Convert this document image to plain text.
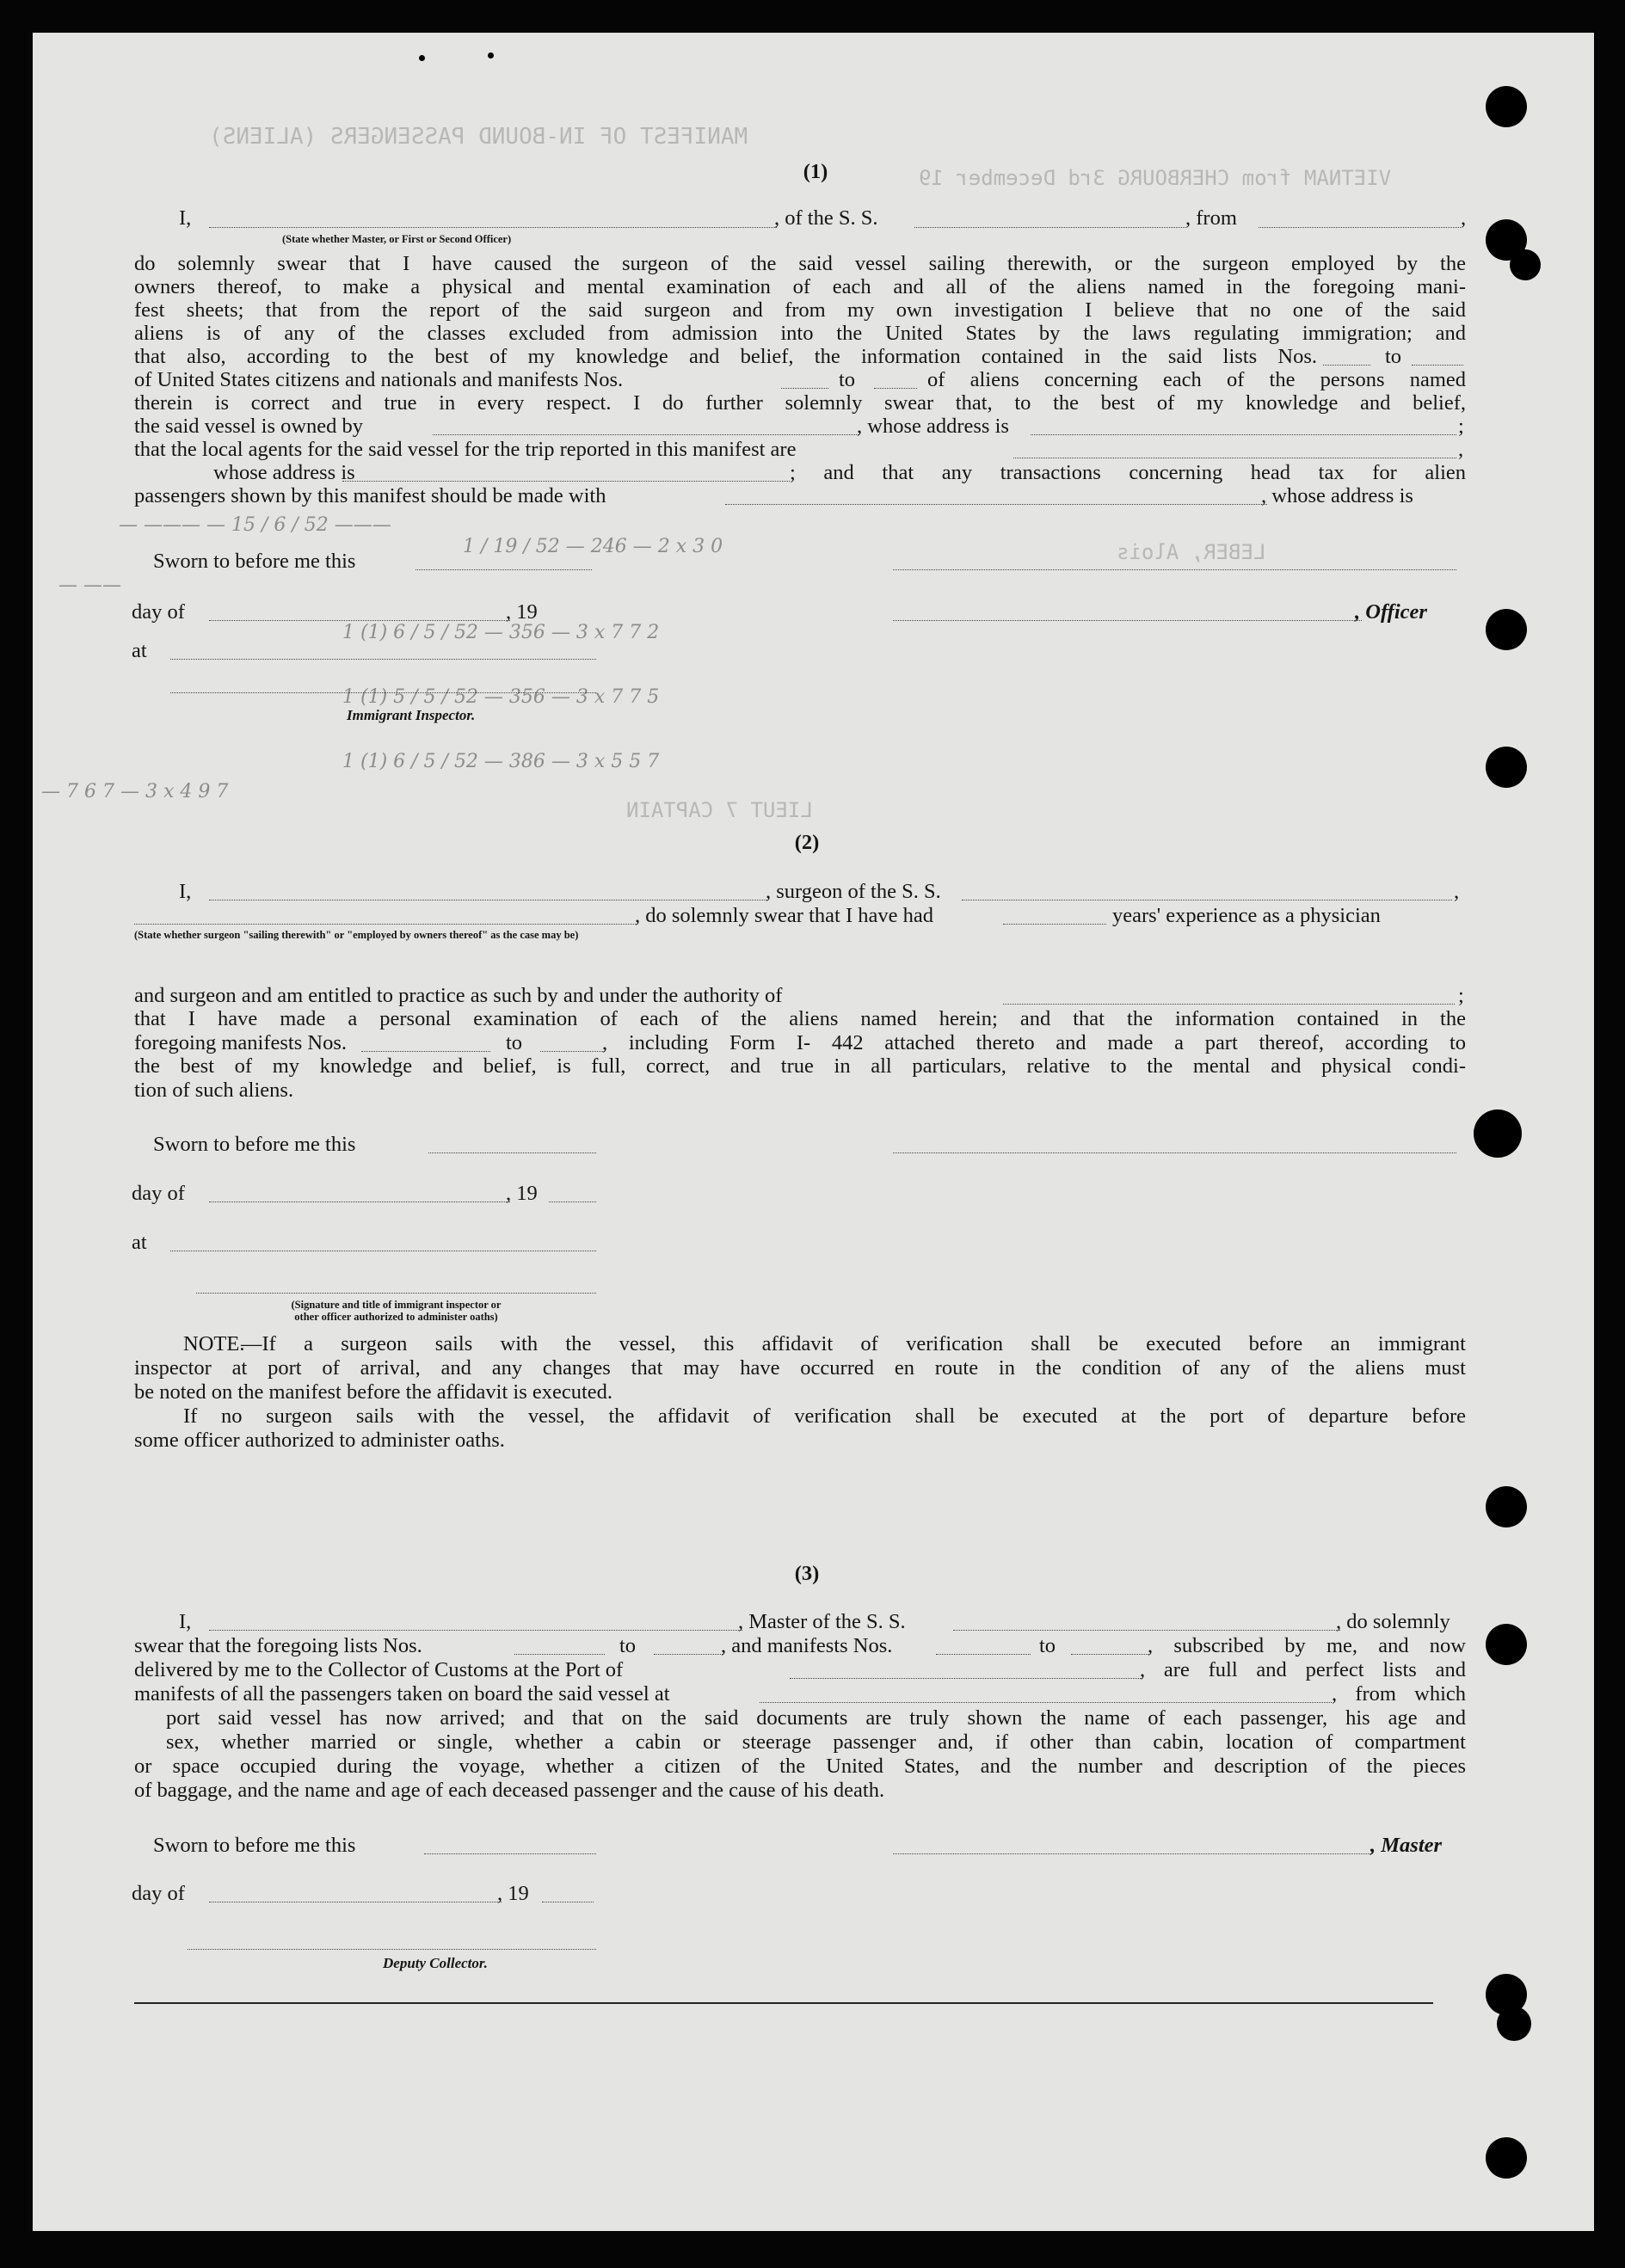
MANIFEST OF IN-BOUND PASSENGERS (ALIENS)
VIETNAM from CHERBOURG 3rd December 19
LEBER, Alois
LIEUT 7 CAPTAIN
— ——— — 15 / 6 / 52 ———
1 / 19 / 52 — 246 — 2 x 3 0
— ——
1 (1) 6 / 5 / 52 — 356 — 3 x 7 7 2
1 (1) 5 / 5 / 52 — 356 — 3 x 7 7 5
1 (1) 6 / 5 / 52 — 386 — 3 x 5 5 7
— 7 6 7 — 3 x 4 9 7
(1)
I,	, of the S. S.	, from	,
(State whether Master, or First or Second Officer)
do solemnly swear that I have caused the surgeon of the said vessel sailing therewith, or the surgeon employed by the
owners thereof, to make a physical and mental examination of each and all of the aliens named in the foregoing mani-
fest sheets; that from the report of the said surgeon and from my own investigation I believe that no one of the said
aliens is of any of the classes excluded from admission into the United States by the laws regulating immigration; and
that also, according to the best of my knowledge and belief, the information contained in the said lists Nos.	to
of United States citizens and nationals and manifests Nos.	to	of aliens concerning each of the persons named
therein is correct and true in every respect. I do further solemnly swear that, to the best of my knowledge and belief,
the said vessel is owned by	, whose address is	;
that the local agents for the said vessel for the trip reported in this manifest are	,
whose address is	; and that any transactions concerning head tax for alien
passengers shown by this manifest should be made with	, whose address is
Sworn to before me this
day of	, 19	, Officer
at
Immigrant Inspector.
(2)
I,	, surgeon of the S. S.	,
, do solemnly swear that I have had	years' experience as a physician
(State whether surgeon "sailing therewith" or "employed by owners thereof" as the case may be)
and surgeon and am entitled to practice as such by and under the authority of	;
that I have made a personal examination of each of the aliens named herein; and that the information contained in the
foregoing manifests Nos.	to	, including Form I- 442 attached thereto and made a part thereof, according to
the best of my knowledge and belief, is full, correct, and true in all particulars, relative to the mental and physical condi-
tion of such aliens.
Sworn to before me this
day of	, 19
at
(Signature and title of immigrant inspector or
other officer authorized to administer oaths)
NOTE.
—If a surgeon sails with the vessel, this affidavit of verification shall be executed before an immigrant
inspector at port of arrival, and any changes that may have occurred en route in the condition of any of the aliens must
be noted on the manifest before the affidavit is executed.
If no surgeon sails with the vessel, the affidavit of verification shall be executed at the port of departure before
some officer authorized to administer oaths.
(3)
I,	, Master of the S. S.	, do solemnly
swear that the foregoing lists Nos.	to	, and manifests Nos.	to	, subscribed by me, and now
delivered by me to the Collector of Customs at the Port of	, are full and perfect lists and
manifests of all the passengers taken on board the said vessel at	, from which
port said vessel has now arrived; and that on the said documents are truly shown the name of each passenger, his age and
sex, whether married or single, whether a cabin or steerage passenger and, if other than cabin, location of compartment
or space occupied during the voyage, whether a citizen of the United States, and the number and description of the pieces
of baggage, and the name and age of each deceased passenger and the cause of his death.
Sworn to before me this	, Master
day of	, 19
Deputy Collector.
